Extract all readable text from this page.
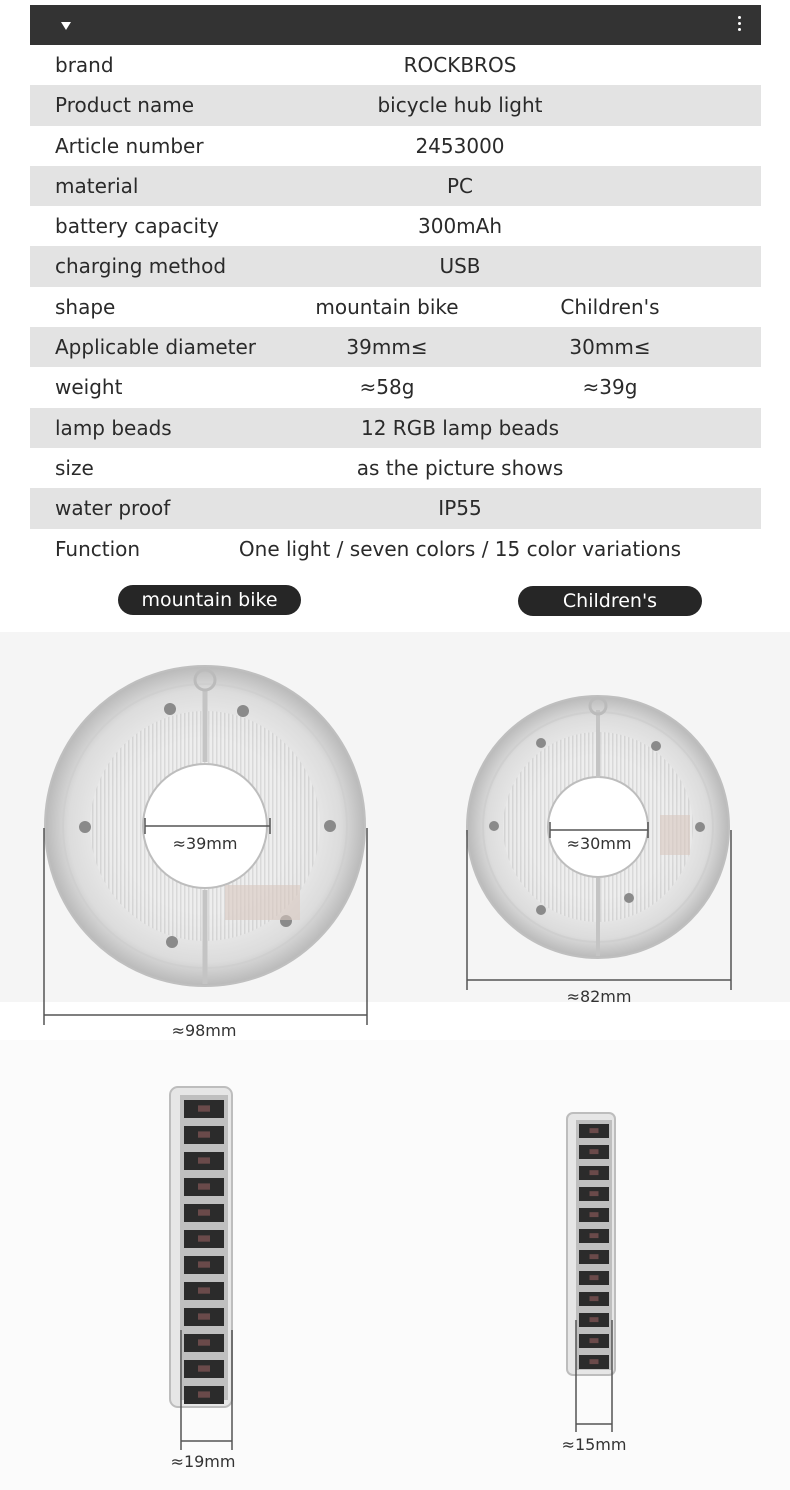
brand	ROCKBROS
Product name	bicycle hub light
Article number	2453000
material	PC
battery capacity	300mAh
charging method	USB
shape	mountain bike	Children's
Applicable diameter	39mm≤	30mm≤
weight	≈58g	≈39g
lamp beads	12 RGB lamp beads
size	as the picture shows
water proof	IP55
Function	One light / seven colors / 15 color variations
mountain bike	Children's
≈39mm
≈98mm
≈30mm
≈82mm
≈19mm
≈15mm
